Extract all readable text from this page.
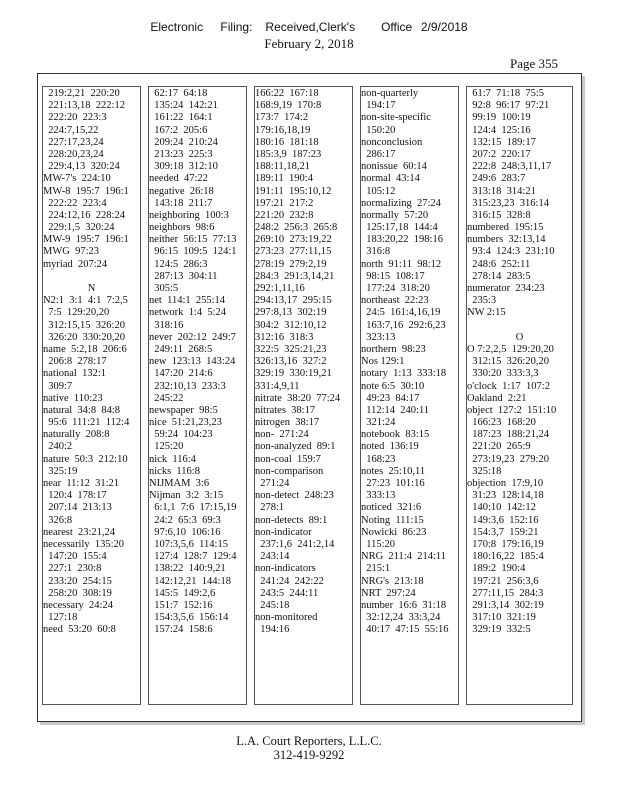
Electronic    Filing:   Received,Clerk's      Office  2/9/2018
February 2, 2018
Page 355
219:2,21  220:20
221:13,18  222:12
222:20  223:3
224:7,15,22
227:17,23,24
228:20,23,24
229:4,13  320:24
MW-7's  224:10
MW-8  195:7  196:1
222:22  223:4
224:12,16  228:24
229:1,5  320:24
MW-9  195:7  196:1
MWG  97:23
myriad  207:24
N
N2:1  3:1  4:1  7:2,5
7:5  129:20,20
312:15,15  326:20
326:20  330:20,20
name  5:2,18  206:6
206:8  278:17
national  132:1
309:7
native  110:23
natural  34:8  84:8
95:6  111:21  112:4
naturally  208:8
240:2
nature  50:3  212:10
325:19
near  11:12  31:21
120:4  178:17
207:14  213:13
326:8
nearest  23:21,24
necessarily  135:20
147:20  155:4
227:1  230:8
233:20  254:15
258:20  308:19
necessary  24:24
127:18
need  53:20  60:8
62:17  64:18
135:24  142:21
161:22  164:1
167:2  205:6
209:24  210:24
213:23  225:3
309:18  312:10
needed  47:22
negative  26:18
143:18  211:7
neighboring  100:3
neighbors  98:6
neither  56:15  77:13
96:15  109:5  124:1
124:5  286:3
287:13  304:11
305:5
net  114:1  255:14
network  1:4  5:24
318:16
never  202:12  249:7
249:11  268:5
new  123:13  143:24
147:20  214:6
232:10,13  233:3
245:22
newspaper  98:5
nice  51:21,23,23
59:24  104:23
125:20
nick  116:4
nicks  116:8
NIJMAM  3:6
Nijman  3:2  3:15
6:1,1  7:6  17:15,19
24:2  65:3  69:3
97:6,10  106:16
107:3,5,6  114:15
127:4  128:7  129:4
138:22  140:9,21
142:12,21  144:18
145:5  149:2,6
151:7  152:16
154:3,5,6  156:14
157:24  158:6
166:22  167:18
168:9,19  170:8
173:7  174:2
179:16,18,19
180:16  181:18
185:3,9  187:23
188:11,18,21
189:11  190:4
191:11  195:10,12
197:21  217:2
221:20  232:8
248:2  256:3  265:8
269:10  273:19,22
273:23  277:11,15
278:19  279:2,19
284:3  291:3,14,21
292:1,11,16
294:13,17  295:15
297:8,13  302:19
304:2  312:10,12
312:16  318:3
322:5  325:21,23
326:13,16  327:2
329:19  330:19,21
331:4,9,11
nitrate  38:20  77:24
nitrates  38:17
nitrogen  38:17
non-  271:24
non-analyzed  89:1
non-coal  159:7
non-comparison
271:24
non-detect  248:23
278:1
non-detects  89:1
non-indicator
237:1,6  241:2,14
243:14
non-indicators
241:24  242:22
243:5  244:11
245:18
non-monitored
194:16
non-quarterly
194:17
non-site-specific
150:20
nonconclusion
286:17
nonissue  60:14
normal  43:14
105:12
normalizing  27:24
normally  57:20
125:17,18  144:4
183:20,22  198:16
316:8
north  91:11  98:12
98:15  108:17
177:24  318:20
northeast  22:23
24:5  161:4,16,19
163:7,16  292:6,23
323:13
northern  98:23
Nos 129:1
notary  1:13  333:18
note 6:5  30:10
49:23  84:17
112:14  240:11
321:24
notebook  83:15
noted  136:19
168:23
notes  25:10,11
27:23  101:16
333:13
noticed  321:6
Noting  111:15
Nowicki  86:23
115:20
NRG  211:4  214:11
215:1
NRG's  213:18
NRT  297:24
number  16:6  31:18
32:12,24  33:3,24
40:17  47:15  55:16
61:7  71:18  75:5
92:8  96:17  97:21
99:19  100:19
124:4  125:16
132:15  189:17
207:2  220:17
222:8  248:3,11,17
249:6  283:7
313:18  314:21
315:23,23  316:14
316:15  328:8
numbered  195:15
numbers  32:13,14
93:4  124:3  231:10
248:6  252:11
278:14  283:5
numerator  234:23
235:3
NW 2:15
O
O 7:2,2,5  129:20,20
312:15  326:20,20
330:20  333:3,3
o'clock  1:17  107:2
Oakland  2:21
object  127:2  151:10
166:23  168:20
187:23  188:21,24
221:20  265:9
273:19,23  279:20
325:18
objection  17:9,10
31:23  128:14,18
140:10  142:12
149:3,6  152:16
154:3,7  159:21
170:8  179:16,19
180:16,22  185:4
189:2  190:4
197:21  256:3,6
277:11,15  284:3
291:3,14  302:19
317:10  321:19
329:19  332:5
L.A. Court Reporters, L.L.C.
312-419-9292
